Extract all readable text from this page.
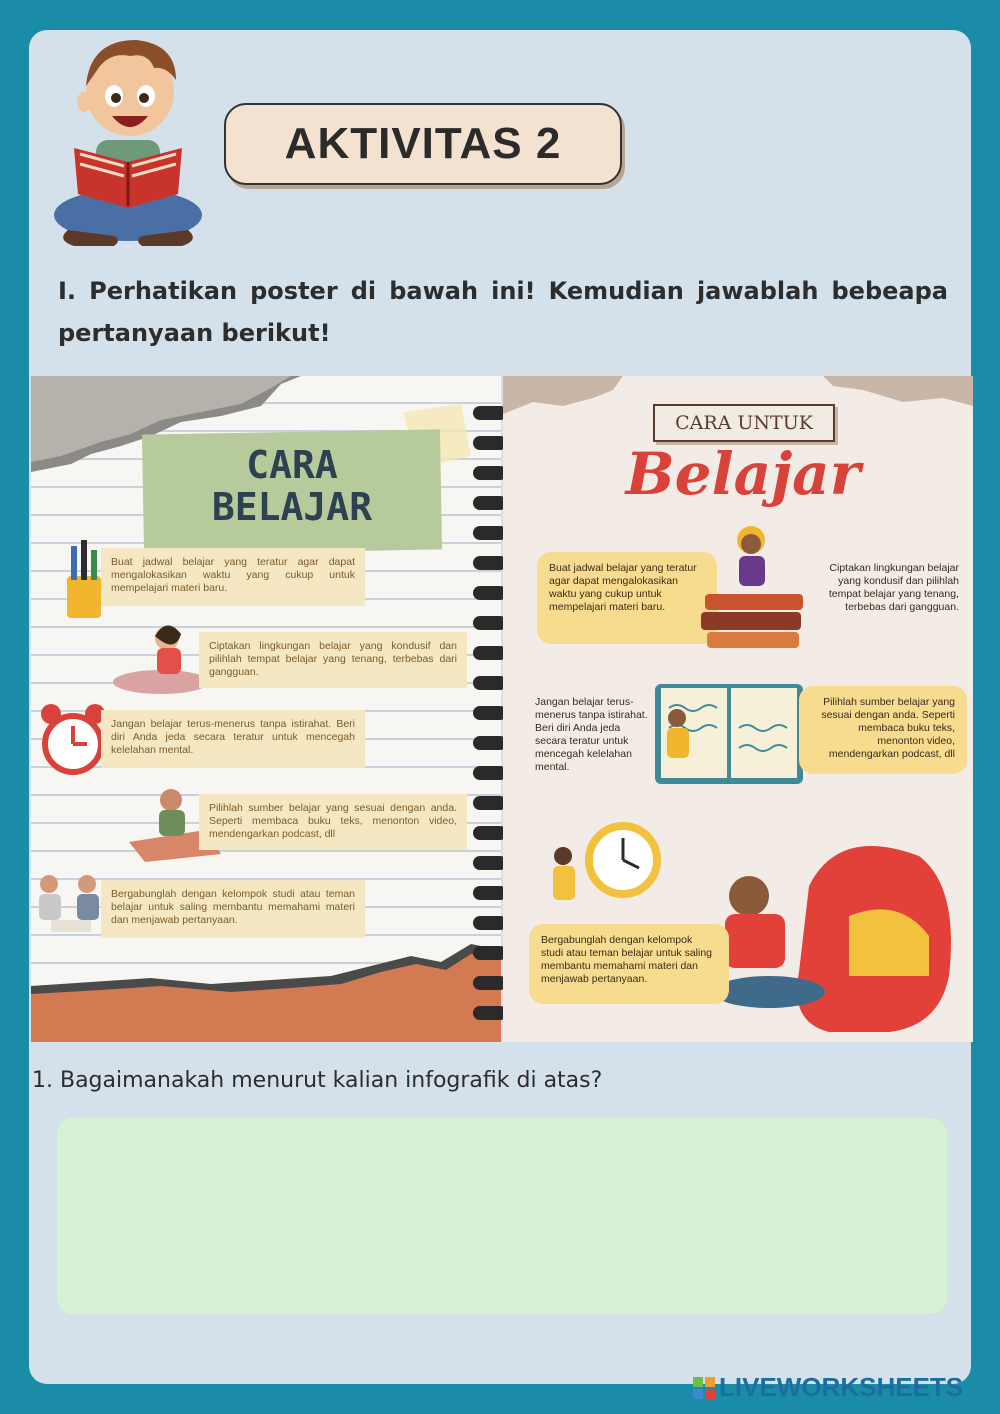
AKTIVITAS 2
I. Perhatikan poster di bawah ini! Kemudian jawablah bebeapa pertanyaan berikut!
CARA
BELAJAR
Buat jadwal belajar yang teratur agar dapat mengalokasikan waktu yang cukup untuk mempelajari materi baru.
Ciptakan lingkungan belajar yang kondusif dan pilihlah tempat belajar yang tenang, terbebas dari gangguan.
Jangan belajar terus-menerus tanpa istirahat. Beri diri Anda jeda secara teratur untuk mencegah kelelahan mental.
Pilihlah sumber belajar yang sesuai dengan anda. Seperti membaca buku teks, menonton video, mendengarkan podcast, dll
Bergabunglah dengan kelompok studi atau teman belajar untuk saling membantu memahami materi dan menjawab pertanyaan.
CARA UNTUK
Belajar
Buat jadwal belajar yang teratur agar dapat mengalokasikan waktu yang cukup untuk mempelajari materi baru.
Ciptakan lingkungan belajar yang kondusif dan pilihlah tempat belajar yang tenang, terbebas dari gangguan.
Jangan belajar terus-menerus tanpa istirahat. Beri diri Anda jeda secara teratur untuk mencegah kelelahan mental.
Pilihlah sumber belajar yang sesuai dengan anda. Seperti membaca buku teks, menonton video, mendengarkan podcast, dll
Bergabunglah dengan kelompok studi atau teman belajar untuk saling membantu memahami materi dan menjawab pertanyaan.
1. Bagaimanakah menurut kalian infografik di atas?
LIVEWORKSHEETS
